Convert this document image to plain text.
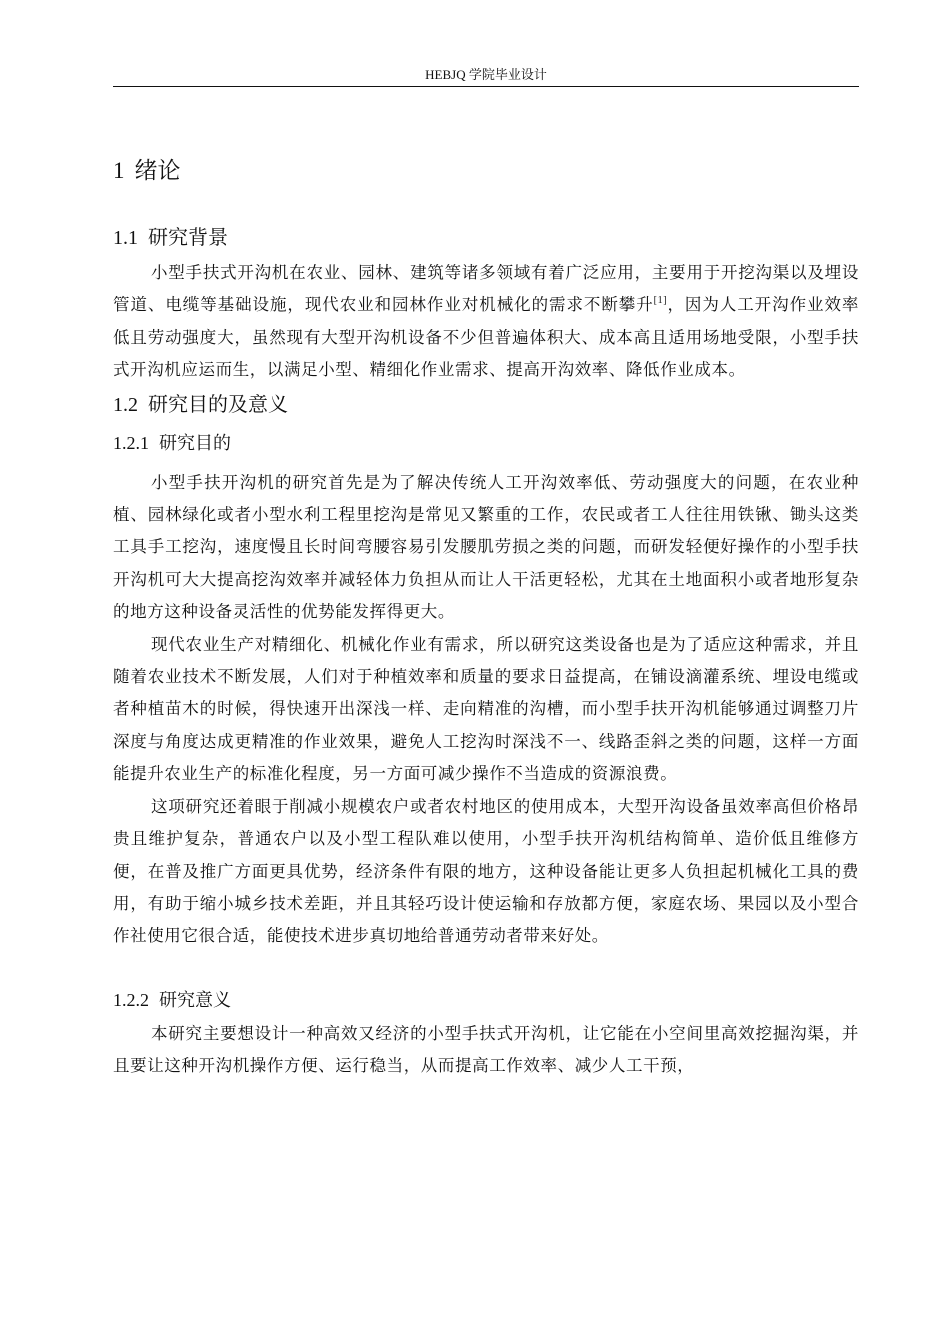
HEBJQ 学院毕业设计
1 绪论
1.1 研究背景

小型手扶式开沟机在农业、园林、建筑等诸多领域有着广泛应用，主要用于开挖沟渠以及埋设管道、电缆等基础设施，现代农业和园林作业对机械化的需求不断攀升[1]，因为人工开沟作业效率低且劳动强度大，虽然现有大型开沟机设备不少但普遍体积大、成本高且适用场地受限，小型手扶式开沟机应运而生，以满足小型、精细化作业需求、提高开沟效率、降低作业成本。

1.2 研究目的及意义
1.2.1 研究目的

小型手扶开沟机的研究首先是为了解决传统人工开沟效率低、劳动强度大的问题，在农业种植、园林绿化或者小型水利工程里挖沟是常见又繁重的工作，农民或者工人往往用铁锹、锄头这类工具手工挖沟，速度慢且长时间弯腰容易引发腰肌劳损之类的问题，而研发轻便好操作的小型手扶开沟机可大大提高挖沟效率并减轻体力负担从而让人干活更轻松，尤其在土地面积小或者地形复杂的地方这种设备灵活性的优势能发挥得更大。

现代农业生产对精细化、机械化作业有需求，所以研究这类设备也是为了适应这种需求，并且随着农业技术不断发展，人们对于种植效率和质量的要求日益提高，在铺设滴灌系统、埋设电缆或者种植苗木的时候，得快速开出深浅一样、走向精准的沟槽，而小型手扶开沟机能够通过调整刀片深度与角度达成更精准的作业效果，避免人工挖沟时深浅不一、线路歪斜之类的问题，这样一方面能提升农业生产的标准化程度，另一方面可减少操作不当造成的资源浪费。

这项研究还着眼于削减小规模农户或者农村地区的使用成本，大型开沟设备虽效率高但价格昂贵且维护复杂，普通农户以及小型工程队难以使用，小型手扶开沟机结构简单、造价低且维修方便，在普及推广方面更具优势，经济条件有限的地方，这种设备能让更多人负担起机械化工具的费用，有助于缩小城乡技术差距，并且其轻巧设计使运输和存放都方便，家庭农场、果园以及小型合作社使用它很合适，能使技术进步真切地给普通劳动者带来好处。

1.2.2 研究意义

本研究主要想设计一种高效又经济的小型手扶式开沟机，让它能在小空间里高效挖掘沟渠，并且要让这种开沟机操作方便、运行稳当，从而提高工作效率、减少人工干预，
